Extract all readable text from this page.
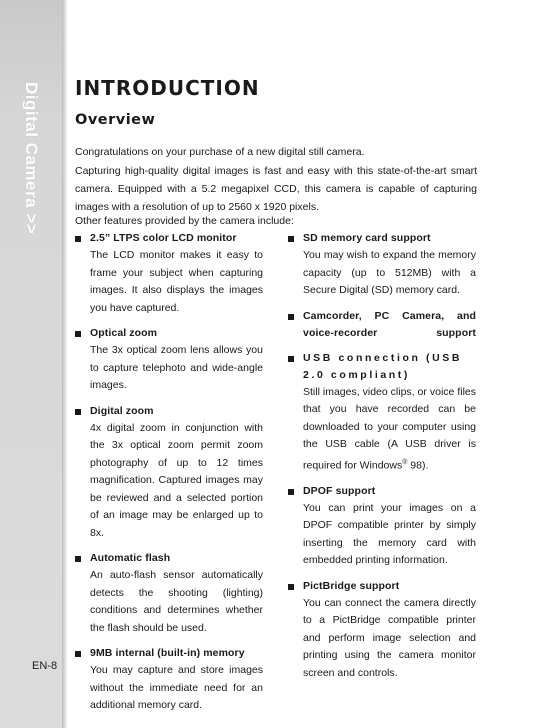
Digital Camera >>
EN-8
INTRODUCTION
Overview
Congratulations on your purchase of a new digital still camera.
Capturing high-quality digital images is fast and easy with this state-of-the-art smart camera. Equipped with a 5.2 megapixel CCD, this camera is capable of capturing images with a resolution of up to 2560 x 1920 pixels.
Other features provided by the camera include:
2.5” LTPS color LCD monitor
The LCD monitor makes it easy to frame your subject when capturing images. It also displays the images you have captured.
Optical zoom
The 3x optical zoom lens allows you to capture telephoto and wide-angle images.
Digital zoom
4x digital zoom in conjunction with the 3x optical zoom permit zoom photography of up to 12 times magnification. Captured images may be reviewed and a selected portion of an image may be enlarged up to 8x.
Automatic flash
An auto-flash sensor automatically detects the shooting (lighting) conditions and determines whether the flash should be used.
9MB internal (built-in) memory
You may capture and store images without the immediate need for an additional memory card.
SD memory card support
You may wish to expand the memory capacity (up to 512MB) with a Secure Digital (SD) memory card.
Camcorder, PC Camera, and voice-recorder support
USB connection (USB 2.0 compliant)
Still images, video clips, or voice files that you have recorded can be downloaded to your computer using the USB cable (A USB driver is required for Windows® 98).
DPOF support
You can print your images on a DPOF compatible printer by simply inserting the memory card with embedded printing information.
PictBridge support
You can connect the camera directly to a PictBridge compatible printer and perform image selection and printing using the camera monitor screen and controls.
